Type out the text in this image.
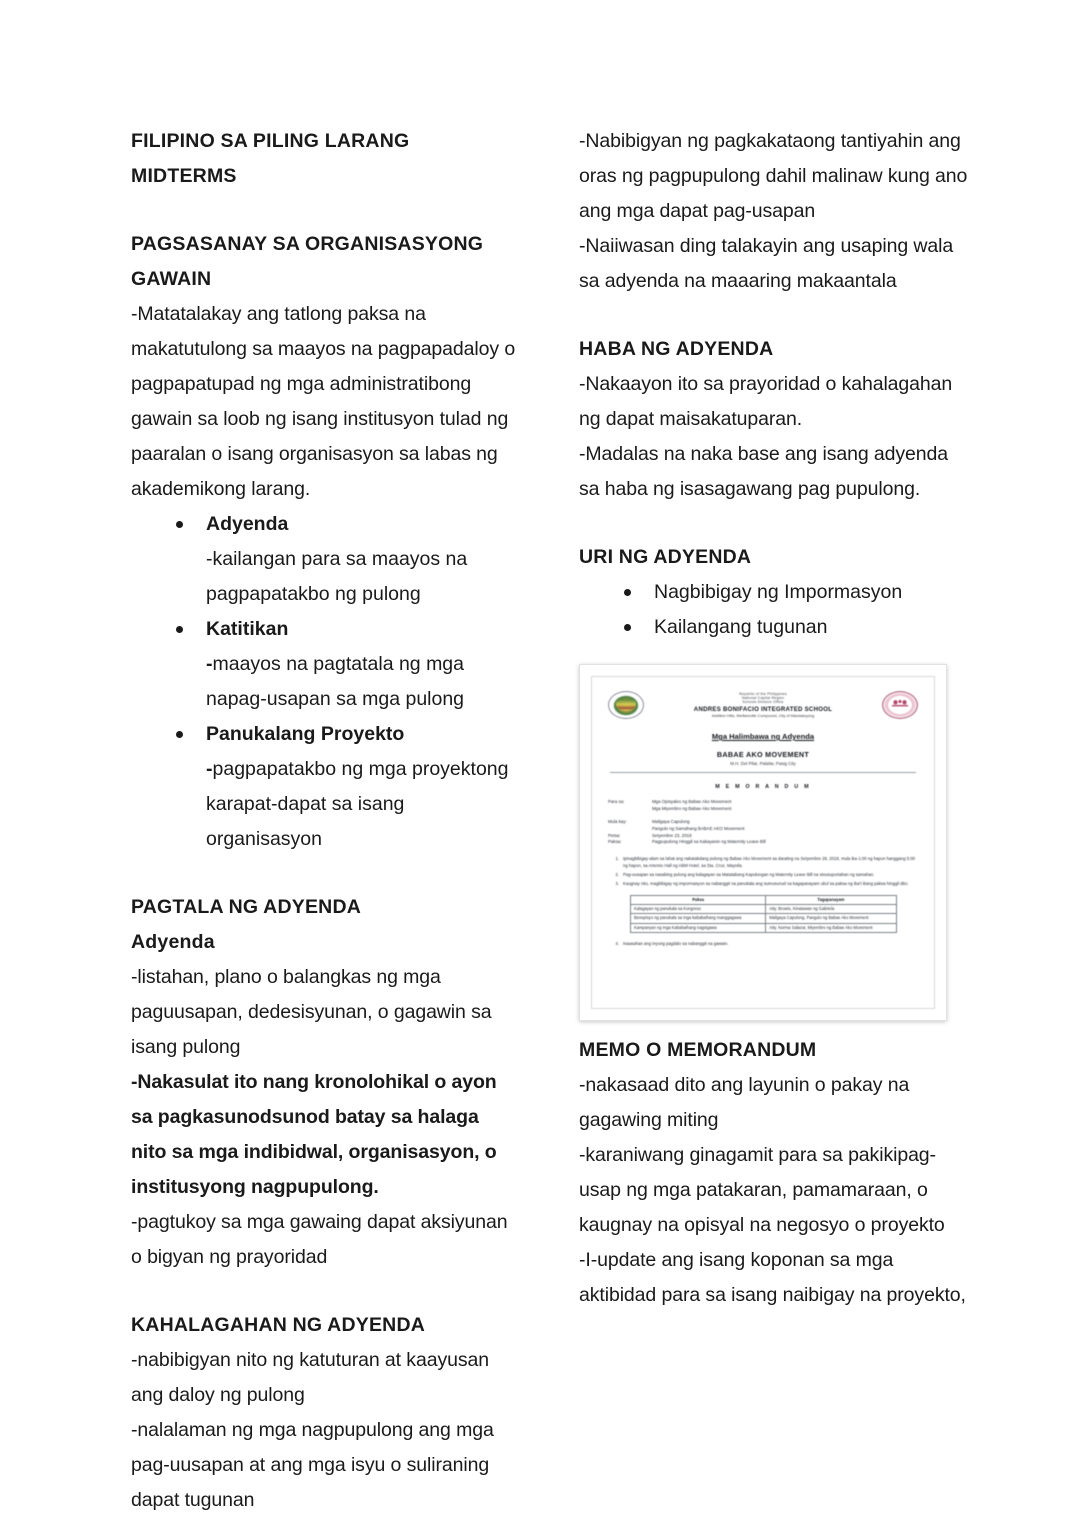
FILIPINO SA PILING LARANG
MIDTERMS
PAGSASANAY SA ORGANISASYONG
GAWAIN
-Matatalakay ang tatlong paksa na makatutulong sa maayos na pagpapadaloy o pagpapatupad ng mga administratibong gawain sa loob ng isang institusyon tulad ng paaralan o isang organisasyon sa labas ng akademikong larang.
Adyenda
-kailangan para sa maayos na pagpapatakbo ng pulong
Katitikan
-maayos na pagtatala ng mga napag-usapan sa mga pulong
Panukalang Proyekto
-pagpapatakbo ng mga proyektong karapat-dapat sa isang organisasyon
PAGTALA NG ADYENDA
Adyenda
-listahan, plano o balangkas ng mga paguusapan, dedesisyunan, o gagawin sa isang pulong
-Nakasulat ito nang kronolohikal o ayon sa pagkasunodsunod batay sa halaga nito sa mga indibidwal, organisasyon, o institusyong nagpupulong.
-pagtukoy sa mga gawaing dapat aksiyunan o bigyan ng prayoridad
KAHALAGAHAN NG ADYENDA
-nabibigyan nito ng katuturan at kaayusan ang daloy ng pulong
-nalalaman ng mga nagpupulong ang mga pag-uusapan at ang mga isyu o suliraning dapat tugunan
-Nabibigyan ng pagkakataong tantiyahin ang oras ng pagpupulong dahil malinaw kung ano ang mga dapat pag-usapan
-Naiiwasan ding talakayin ang usaping wala sa adyenda na maaaring makaantala
HABA NG ADYENDA
-Nakaayon ito sa prayoridad o kahalagahan ng dapat maisakatuparan.
-Madalas na naka base ang isang adyenda sa haba ng isasagawang pag pupulong.
URI NG ADYENDA
Nagbibigay ng Impormasyon
Kailangang tugunan
Republic of the Philippines
National Capital Region
Schools Division Office
ANDRES BONIFACIO INTEGRATED SCHOOL
Addition Hills, Welfareville Compound, City of Mandaluyong
Mga Halimbawa ng Adyenda
BABAE AKO MOVEMENT
M.H. Del Pilar, Palatiw, Pasig City
M E M O R A N D U M
Para sa:	Mga Opisyales ng Babae Ako Movement
Mga Miyembro ng Babae Ako Movement
Mula kay:	Maligaya Capulong
Pangulo ng Samahang BABAE AKO Movement
Petsa:	Setyembre 23, 2018
Paksa:	Pagpupulong Hinggil sa Kakayanin ng Maternity Leave Bill
1. Ipinagbibigay-alam sa lahat ang nakatakdang pulong ng Babae Ako Movement sa darating na Setyembre 28, 2018, mula ika-1:00 ng hapon hanggang 5:00 ng hapon, sa Artemio Hall ng ABM Hotel, sa Sta. Cruz, Maynila.
2. Pag-uusapan sa nasabing pulong ang kalagayan sa Matatabang Kapulungan ng Maternity Leave Bill na sinusuportahan ng samahan.
3. Kaugnay nito, magbibigay ng impormasyon sa nabanggit na panukala ang sumusunod na kagapanayam ukol sa paksa ng iba't ibang paksa hinggil dito:
Paksa	Tagapanayam
Kalagayan ng panukala sa Kongreso	Atty. Browis, Kinatawan ng Gabriela
Benepisyo ng panukala sa mga kababaihang manggagawa	Maligaya Capulong, Pangulo ng Babae Ako Movement
Kampanyan ng mga Kababaihang nagsigawa	Atty. Norma Salazar, Miyembro ng Babae Ako Movement
4. Inaasahan ang inyong pagdalo sa nabanggit na gawain.
MEMO O MEMORANDUM
-nakasaad dito ang layunin o pakay na gagawing miting
-karaniwang ginagamit para sa pakikipag-usap ng mga patakaran, pamamaraan, o kaugnay na opisyal na negosyo o proyekto
-I-update ang isang koponan sa mga aktibidad para sa isang naibigay na proyekto,
